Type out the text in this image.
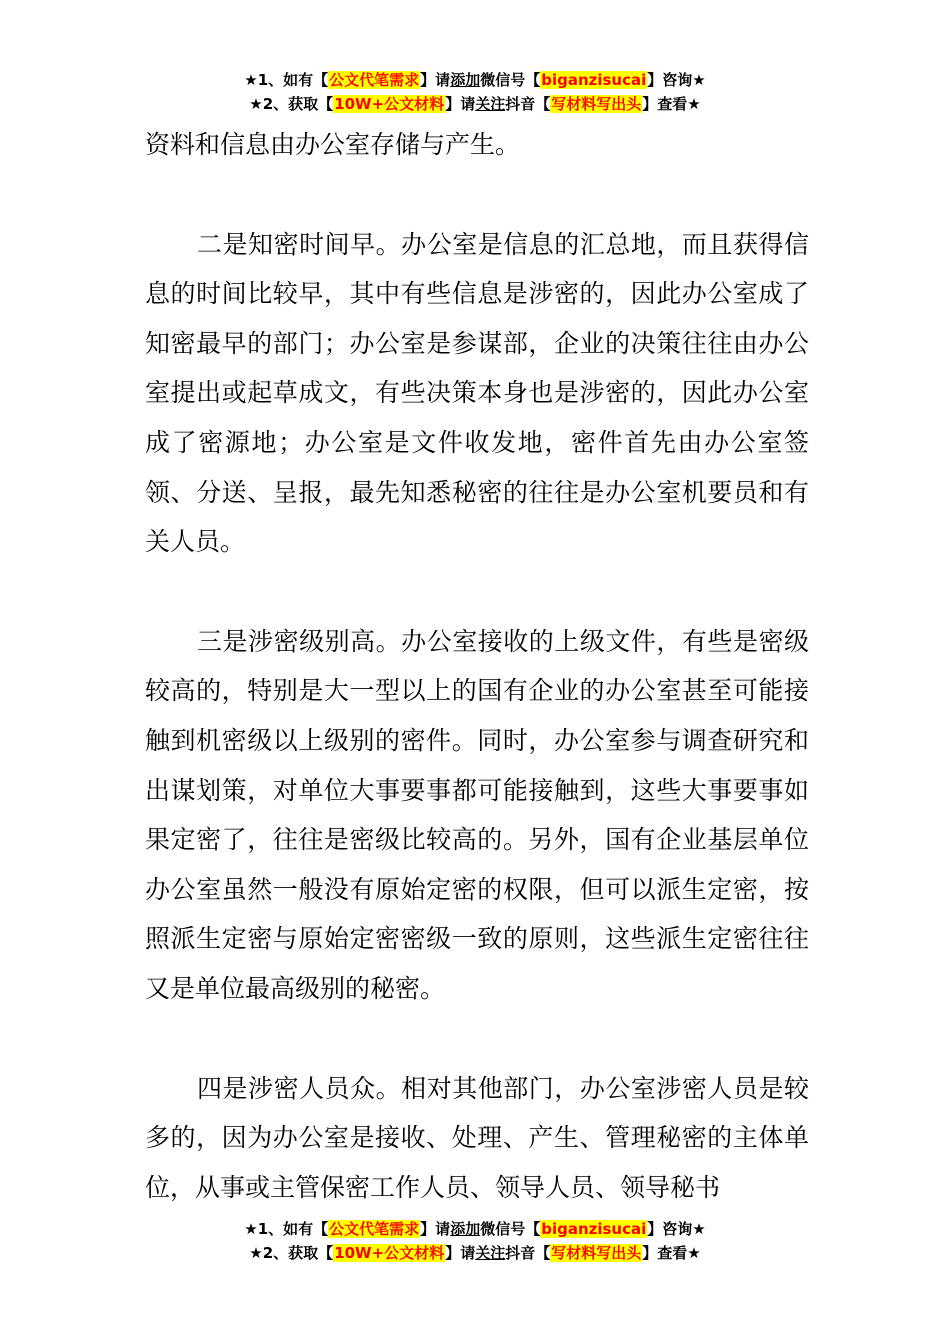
★1、如有【公文代笔需求】请添加微信号【biganzisucai】咨询★
★2、获取【10W+公文材料】请关注抖音【写材料写出头】查看★

资料和信息由办公室存储与产生。

二是知密时间早。办公室是信息的汇总地，而且获得信息的时间比较早，其中有些信息是涉密的，因此办公室成了知密最早的部门；办公室是参谋部，企业的决策往往由办公室提出或起草成文，有些决策本身也是涉密的，因此办公室成了密源地；办公室是文件收发地，密件首先由办公室签领、分送、呈报，最先知悉秘密的往往是办公室机要员和有关人员。

三是涉密级别高。办公室接收的上级文件，有些是密级较高的，特别是大一型以上的国有企业的办公室甚至可能接触到机密级以上级别的密件。同时，办公室参与调查研究和出谋划策，对单位大事要事都可能接触到，这些大事要事如果定密了，往往是密级比较高的。另外，国有企业基层单位办公室虽然一般没有原始定密的权限，但可以派生定密，按照派生定密与原始定密密级一致的原则，这些派生定密往往又是单位最高级别的秘密。

四是涉密人员众。相对其他部门，办公室涉密人员是较多的，因为办公室是接收、处理、产生、管理秘密的主体单位，从事或主管保密工作人员、领导人员、领导秘书

★1、如有【公文代笔需求】请添加微信号【biganzisucai】咨询★
★2、获取【10W+公文材料】请关注抖音【写材料写出头】查看★
